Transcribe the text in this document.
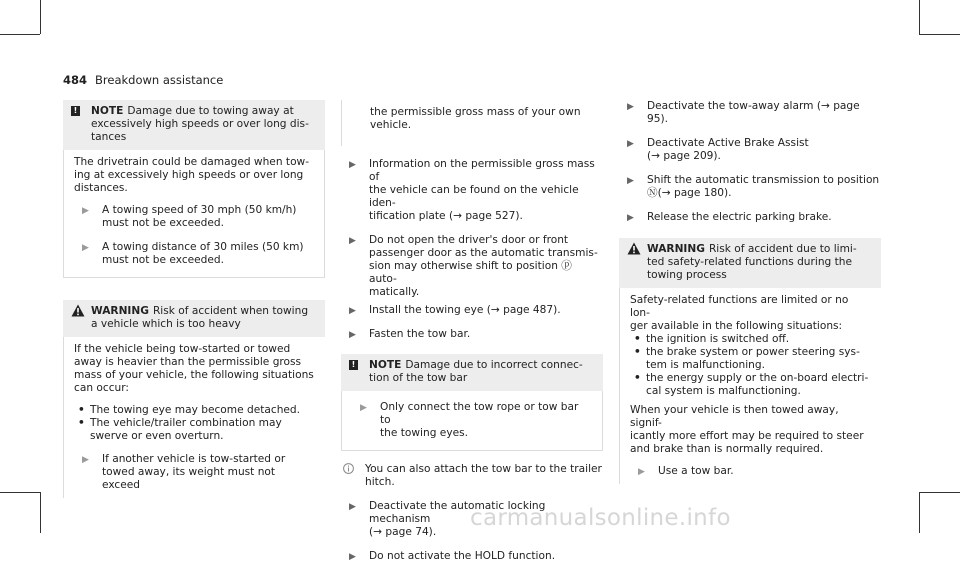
484 Breakdown assistance
!	NOTE Damage due to towing away at
excessively high speeds or over long dis-
tances
The drivetrain could be damaged when tow-
ing at excessively high speeds or over long
distances.
▶ A towing speed of 30 mph (50 km/h)
must not be exceeded.
▶ A towing distance of 30 miles (50 km)
must not be exceeded.
WARNING Risk of accident when towing
a vehicle which is too heavy
If the vehicle being tow-started or towed
away is heavier than the permissible gross
mass of your vehicle, the following situations
can occur:
• The towing eye may become detached.
• The vehicle/trailer combination may
swerve or even overturn.
▶ If another vehicle is tow-started or
towed away, its weight must not exceed
the permissible gross mass of your own
vehicle.
▶ Information on the permissible gross mass of
the vehicle can be found on the vehicle iden-
tification plate (→ page 527).
▶ Do not open the driver's door or front
passenger door as the automatic transmis-
sion may otherwise shift to position ⓟ auto-
matically.
▶ Install the towing eye (→ page 487).
▶ Fasten the tow bar.
!	NOTE Damage due to incorrect connec-
tion of the tow bar
▶ Only connect the tow rope or tow bar to
the towing eyes.
You can also attach the tow bar to the trailer
hitch.
▶ Deactivate the automatic locking mechanism
(→ page 74).
▶ Do not activate the HOLD function.
▶ Deactivate the tow-away alarm (→ page 95).
▶ Deactivate Active Brake Assist
(→ page 209).
▶ Shift the automatic transmission to position
Ⓝ(→ page 180).
▶ Release the electric parking brake.
WARNING Risk of accident due to limi-
ted safety-related functions during the
towing process
Safety-related functions are limited or no lon-
ger available in the following situations:
• the ignition is switched off.
• the brake system or power steering sys-
tem is malfunctioning.
• the energy supply or the on-board electri-
cal system is malfunctioning.
When your vehicle is then towed away, signif-
icantly more effort may be required to steer
and brake than is normally required.
▶ Use a tow bar.
carmanualsonline.info
